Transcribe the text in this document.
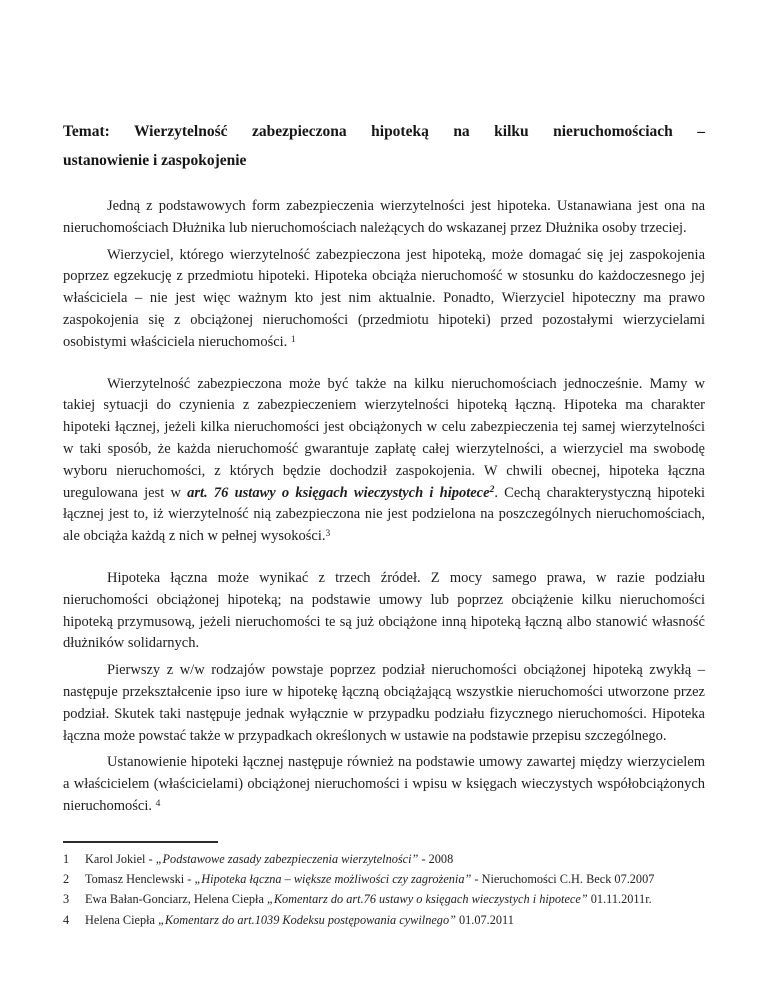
Temat: Wierzytelność zabezpieczona hipoteką na kilku nieruchomościach –
ustanowienie i zaspokojenie

Jedną z podstawowych form zabezpieczenia wierzytelności jest hipoteka. Ustanawiana jest ona na nieruchomościach Dłużnika lub nieruchomościach należących do wskazanej przez Dłużnika osoby trzeciej.

Wierzyciel, którego wierzytelność zabezpieczona jest hipoteką, może domagać się jej zaspokojenia poprzez egzekucję z przedmiotu hipoteki. Hipoteka obciąża nieruchomość w stosunku do każdoczesnego jej właściciela – nie jest więc ważnym kto jest nim aktualnie. Ponadto, Wierzyciel hipoteczny ma prawo zaspokojenia się z obciążonej nieruchomości (przedmiotu hipoteki) przed pozostałymi wierzycielami osobistymi właściciela nieruchomości. $^1$

Wierzytelność zabezpieczona może być także na kilku nieruchomościach jednocześnie. Mamy w takiej sytuacji do czynienia z zabezpieczeniem wierzytelności hipoteką łączną. Hipoteka ma charakter hipoteki łącznej, jeżeli kilka nieruchomości jest obciążonych w celu zabezpieczenia tej samej wierzytelności w taki sposób, że każda nieruchomość gwarantuje zapłatę całej wierzytelności, a wierzyciel ma swobodę wyboru nieruchomości, z których będzie dochodził zaspokojenia. W chwili obecnej, hipoteka łączna uregulowana jest w art. 76 ustawy o księgach wieczystych i hipotece$^2$. Cechą charakterystyczną hipoteki łącznej jest to, iż wierzytelność nią zabezpieczona nie jest podzielona na poszczególnych nieruchomościach, ale obciąża każdą z nich w pełnej wysokości.$^3$

Hipoteka łączna może wynikać z trzech źródeł. Z mocy samego prawa, w razie podziału nieruchomości obciążonej hipoteką; na podstawie umowy lub poprzez obciążenie kilku nieruchomości hipoteką przymusową, jeżeli nieruchomości te są już obciążone inną hipoteką łączną albo stanowić własność dłużników solidarnych.

Pierwszy z w/w rodzajów powstaje poprzez podział nieruchomości obciążonej hipoteką zwykłą – następuje przekształcenie ipso iure w hipotekę łączną obciążającą wszystkie nieruchomości utworzone przez podział. Skutek taki następuje jednak wyłącznie w przypadku podziału fizycznego nieruchomości. Hipoteka łączna może powstać także w przypadkach określonych w ustawie na podstawie przepisu szczególnego.

Ustanowienie hipoteki łącznej następuje również na podstawie umowy zawartej między wierzycielem a właścicielem (właścicielami) obciążonej nieruchomości i wpisu w księgach wieczystych współobciążonych nieruchomości. $^4$

1	Karol Jokiel - „Podstawowe zasady zabezpieczenia wierzytelności” - 2008
2	Tomasz Henclewski - „Hipoteka łączna – większe możliwości czy zagrożenia” - Nieruchomości C.H. Beck 07.2007
3	Ewa Bałan-Gonciarz, Helena Ciepła „Komentarz do art.76 ustawy o księgach wieczystych i hipotece” 01.11.2011r.
4	Helena Ciepła „Komentarz do art.1039 Kodeksu postępowania cywilnego” 01.07.2011
